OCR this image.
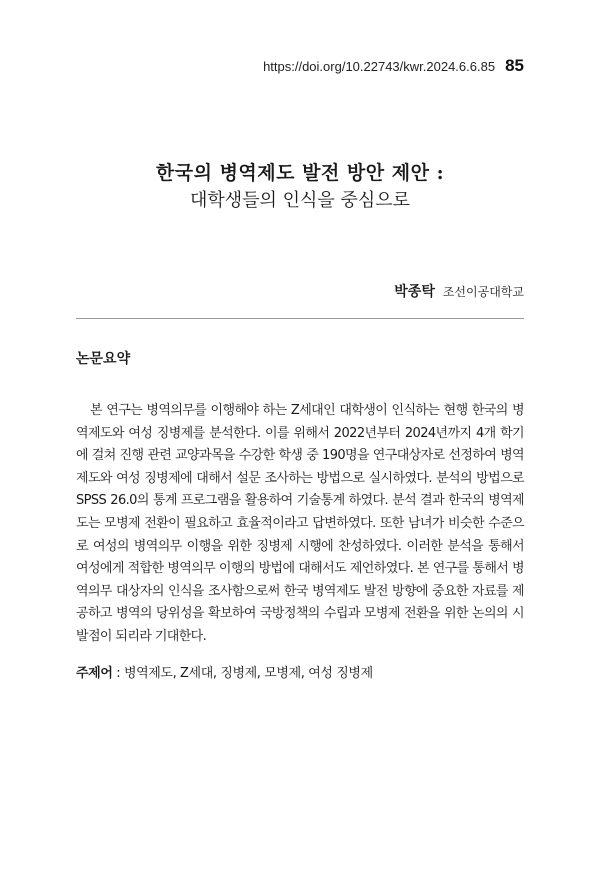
https://doi.org/10.22743/kwr.2024.6.6.85 85
한국의 병역제도 발전 방안 제안 :
대학생들의 인식을 중심으로
박종탁 조선이공대학교
논문요약
본 연구는 병역의무를 이행해야 하는 Z세대인 대학생이 인식하는 현행 한국의 병역제도와 여성 징병제를 분석한다. 이를 위해서 2022년부터 2024년까지 4개 학기에 걸쳐 진행 관련 교양과목을 수강한 학생 중 190명을 연구대상자로 선정하여 병역제도와 여성 징병제에 대해서 설문 조사하는 방법으로 실시하였다. 분석의 방법으로 SPSS 26.0의 통계 프로그램을 활용하여 기술통계 하였다. 분석 결과 한국의 병역제도는 모병제 전환이 필요하고 효율적이라고 답변하였다. 또한 남녀가 비슷한 수준으로 여성의 병역의무 이행을 위한 징병제 시행에 찬성하였다. 이러한 분석을 통해서 여성에게 적합한 병역의무 이행의 방법에 대해서도 제언하였다. 본 연구를 통해서 병역의무 대상자의 인식을 조사함으로써 한국 병역제도 발전 방향에 중요한 자료를 제공하고 병역의 당위성을 확보하여 국방정책의 수립과 모병제 전환을 위한 논의의 시발점이 되리라 기대한다.
주제어 : 병역제도, Z세대, 징병제, 모병제, 여성 징병제
